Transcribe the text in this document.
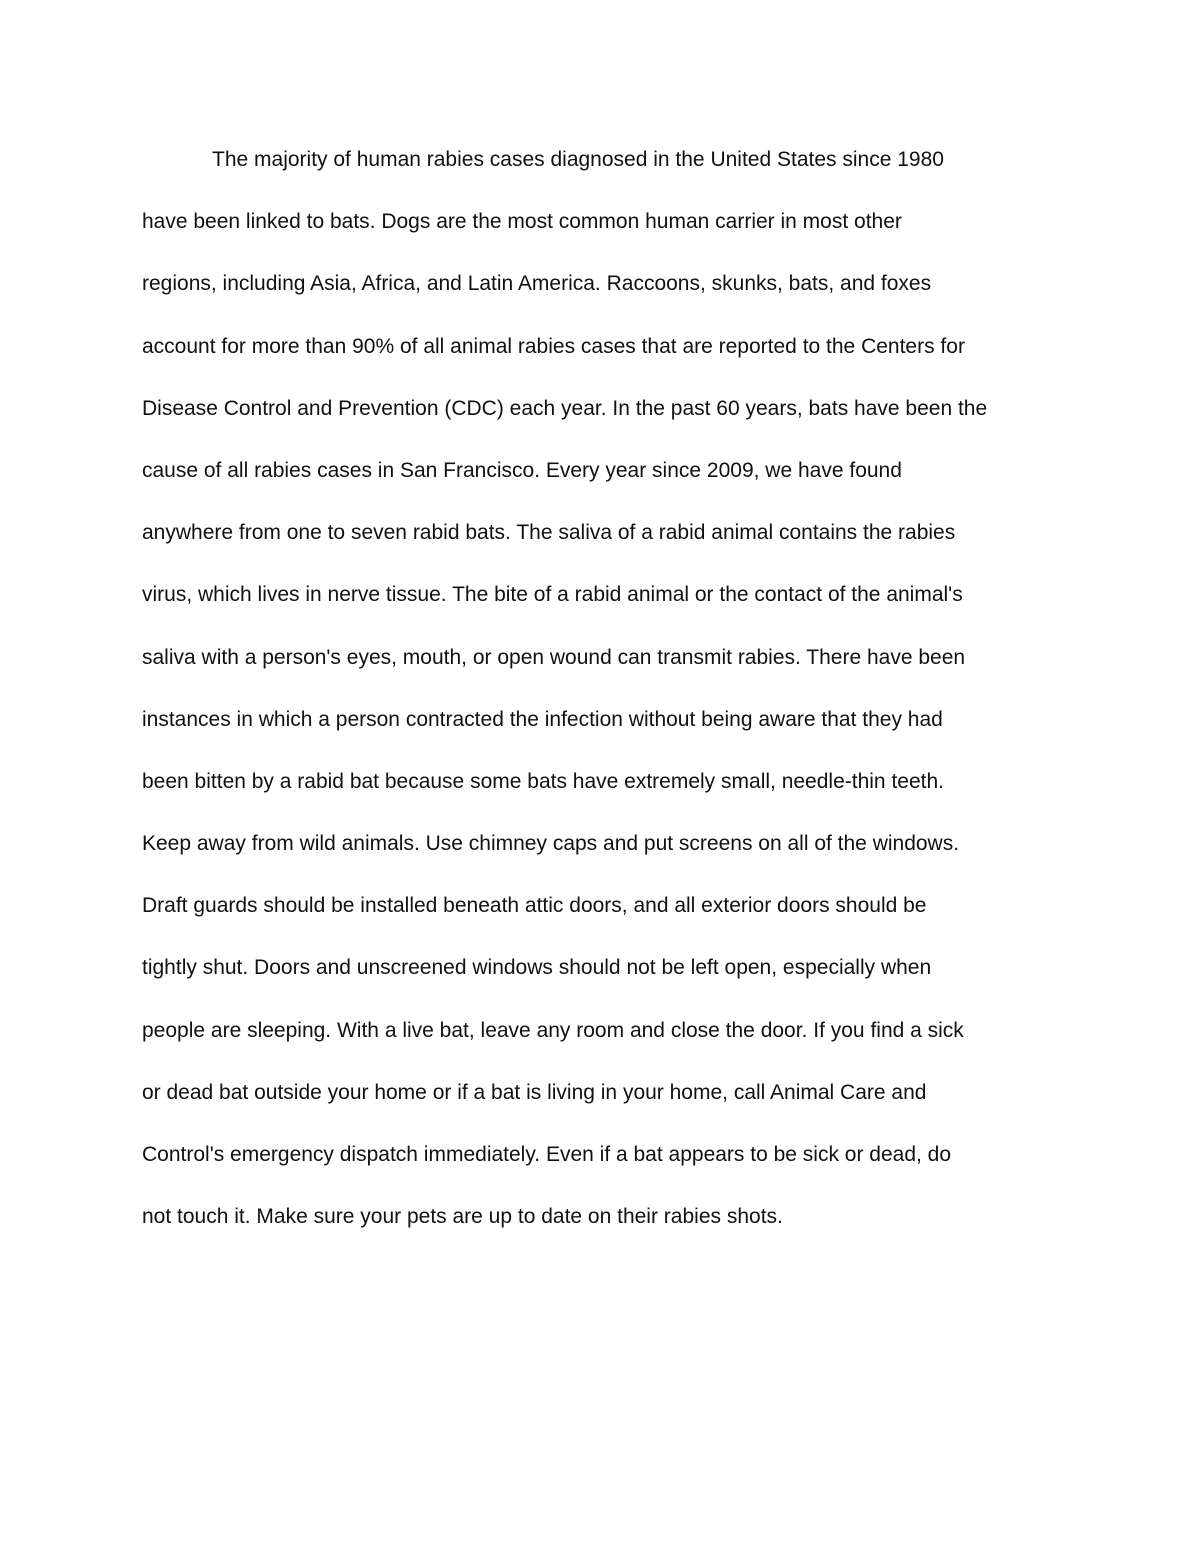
The majority of human rabies cases diagnosed in the United States since 1980
have been linked to bats. Dogs are the most common human carrier in most other
regions, including Asia, Africa, and Latin America. Raccoons, skunks, bats, and foxes
account for more than 90% of all animal rabies cases that are reported to the Centers for
Disease Control and Prevention (CDC) each year. In the past 60 years, bats have been the
cause of all rabies cases in San Francisco. Every year since 2009, we have found
anywhere from one to seven rabid bats. The saliva of a rabid animal contains the rabies
virus, which lives in nerve tissue. The bite of a rabid animal or the contact of the animal's
saliva with a person's eyes, mouth, or open wound can transmit rabies. There have been
instances in which a person contracted the infection without being aware that they had
been bitten by a rabid bat because some bats have extremely small, needle-thin teeth.
Keep away from wild animals. Use chimney caps and put screens on all of the windows.
Draft guards should be installed beneath attic doors, and all exterior doors should be
tightly shut. Doors and unscreened windows should not be left open, especially when
people are sleeping. With a live bat, leave any room and close the door. If you find a sick
or dead bat outside your home or if a bat is living in your home, call Animal Care and
Control's emergency dispatch immediately. Even if a bat appears to be sick or dead, do
not touch it. Make sure your pets are up to date on their rabies shots.
